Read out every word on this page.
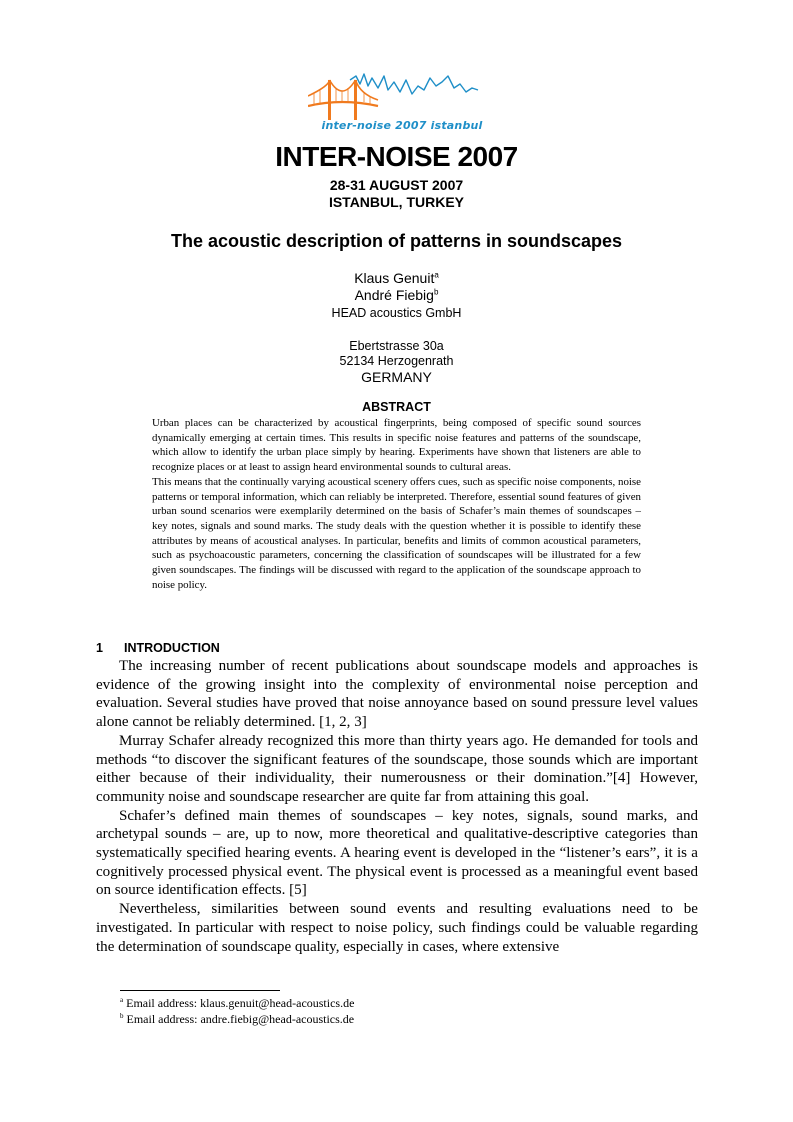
inter-noise 2007 istanbul
INTER-NOISE 2007
28-31 AUGUST 2007
ISTANBUL, TURKEY
The acoustic description of patterns in soundscapes
Klaus Genuit$^a$
André Fiebig$^b$
HEAD acoustics GmbH
Ebertstrasse 30a
52134 Herzogenrath
GERMANY
ABSTRACT

Urban places can be characterized by acoustical fingerprints, being composed of specific sound sources dynamically emerging at certain times. This results in specific noise features and patterns of the soundscape, which allow to identify the urban place simply by hearing. Experiments have shown that listeners are able to recognize places or at least to assign heard environmental sounds to cultural areas.

This means that the continually varying acoustical scenery offers cues, such as specific noise components, noise patterns or temporal information, which can reliably be interpreted. Therefore, essential sound features of given urban sound scenarios were exemplarily determined on the basis of Schafer’s main themes of soundscapes – key notes, signals and sound marks. The study deals with the question whether it is possible to identify these attributes by means of acoustical analyses. In particular, benefits and limits of common acoustical parameters, such as psychoacoustic parameters, concerning the classification of soundscapes will be illustrated for a few given soundscapes. The findings will be discussed with regard to the application of the soundscape approach to noise policy.

1 INTRODUCTION

The increasing number of recent publications about soundscape models and approaches is evidence of the growing insight into the complexity of environmental noise perception and evaluation. Several studies have proved that noise annoyance based on sound pressure level values alone cannot be reliably determined. [1, 2, 3]

Murray Schafer already recognized this more than thirty years ago. He demanded for tools and methods “to discover the significant features of the soundscape, those sounds which are important either because of their individuality, their numerousness or their domination.”[4] However, community noise and soundscape researcher are quite far from attaining this goal.

Schafer’s defined main themes of soundscapes – key notes, signals, sound marks, and archetypal sounds – are, up to now, more theoretical and qualitative-descriptive categories than systematically specified hearing events. A hearing event is developed in the “listener’s ears”, it is a cognitively processed physical event. The physical event is processed as a meaningful event based on source identification effects. [5]

Nevertheless, similarities between sound events and resulting evaluations need to be investigated. In particular with respect to noise policy, such findings could be valuable regarding the determination of soundscape quality, especially in cases, where extensive

$^a$ Email address: klaus.genuit@head-acoustics.de
$^b$ Email address: andre.fiebig@head-acoustics.de
